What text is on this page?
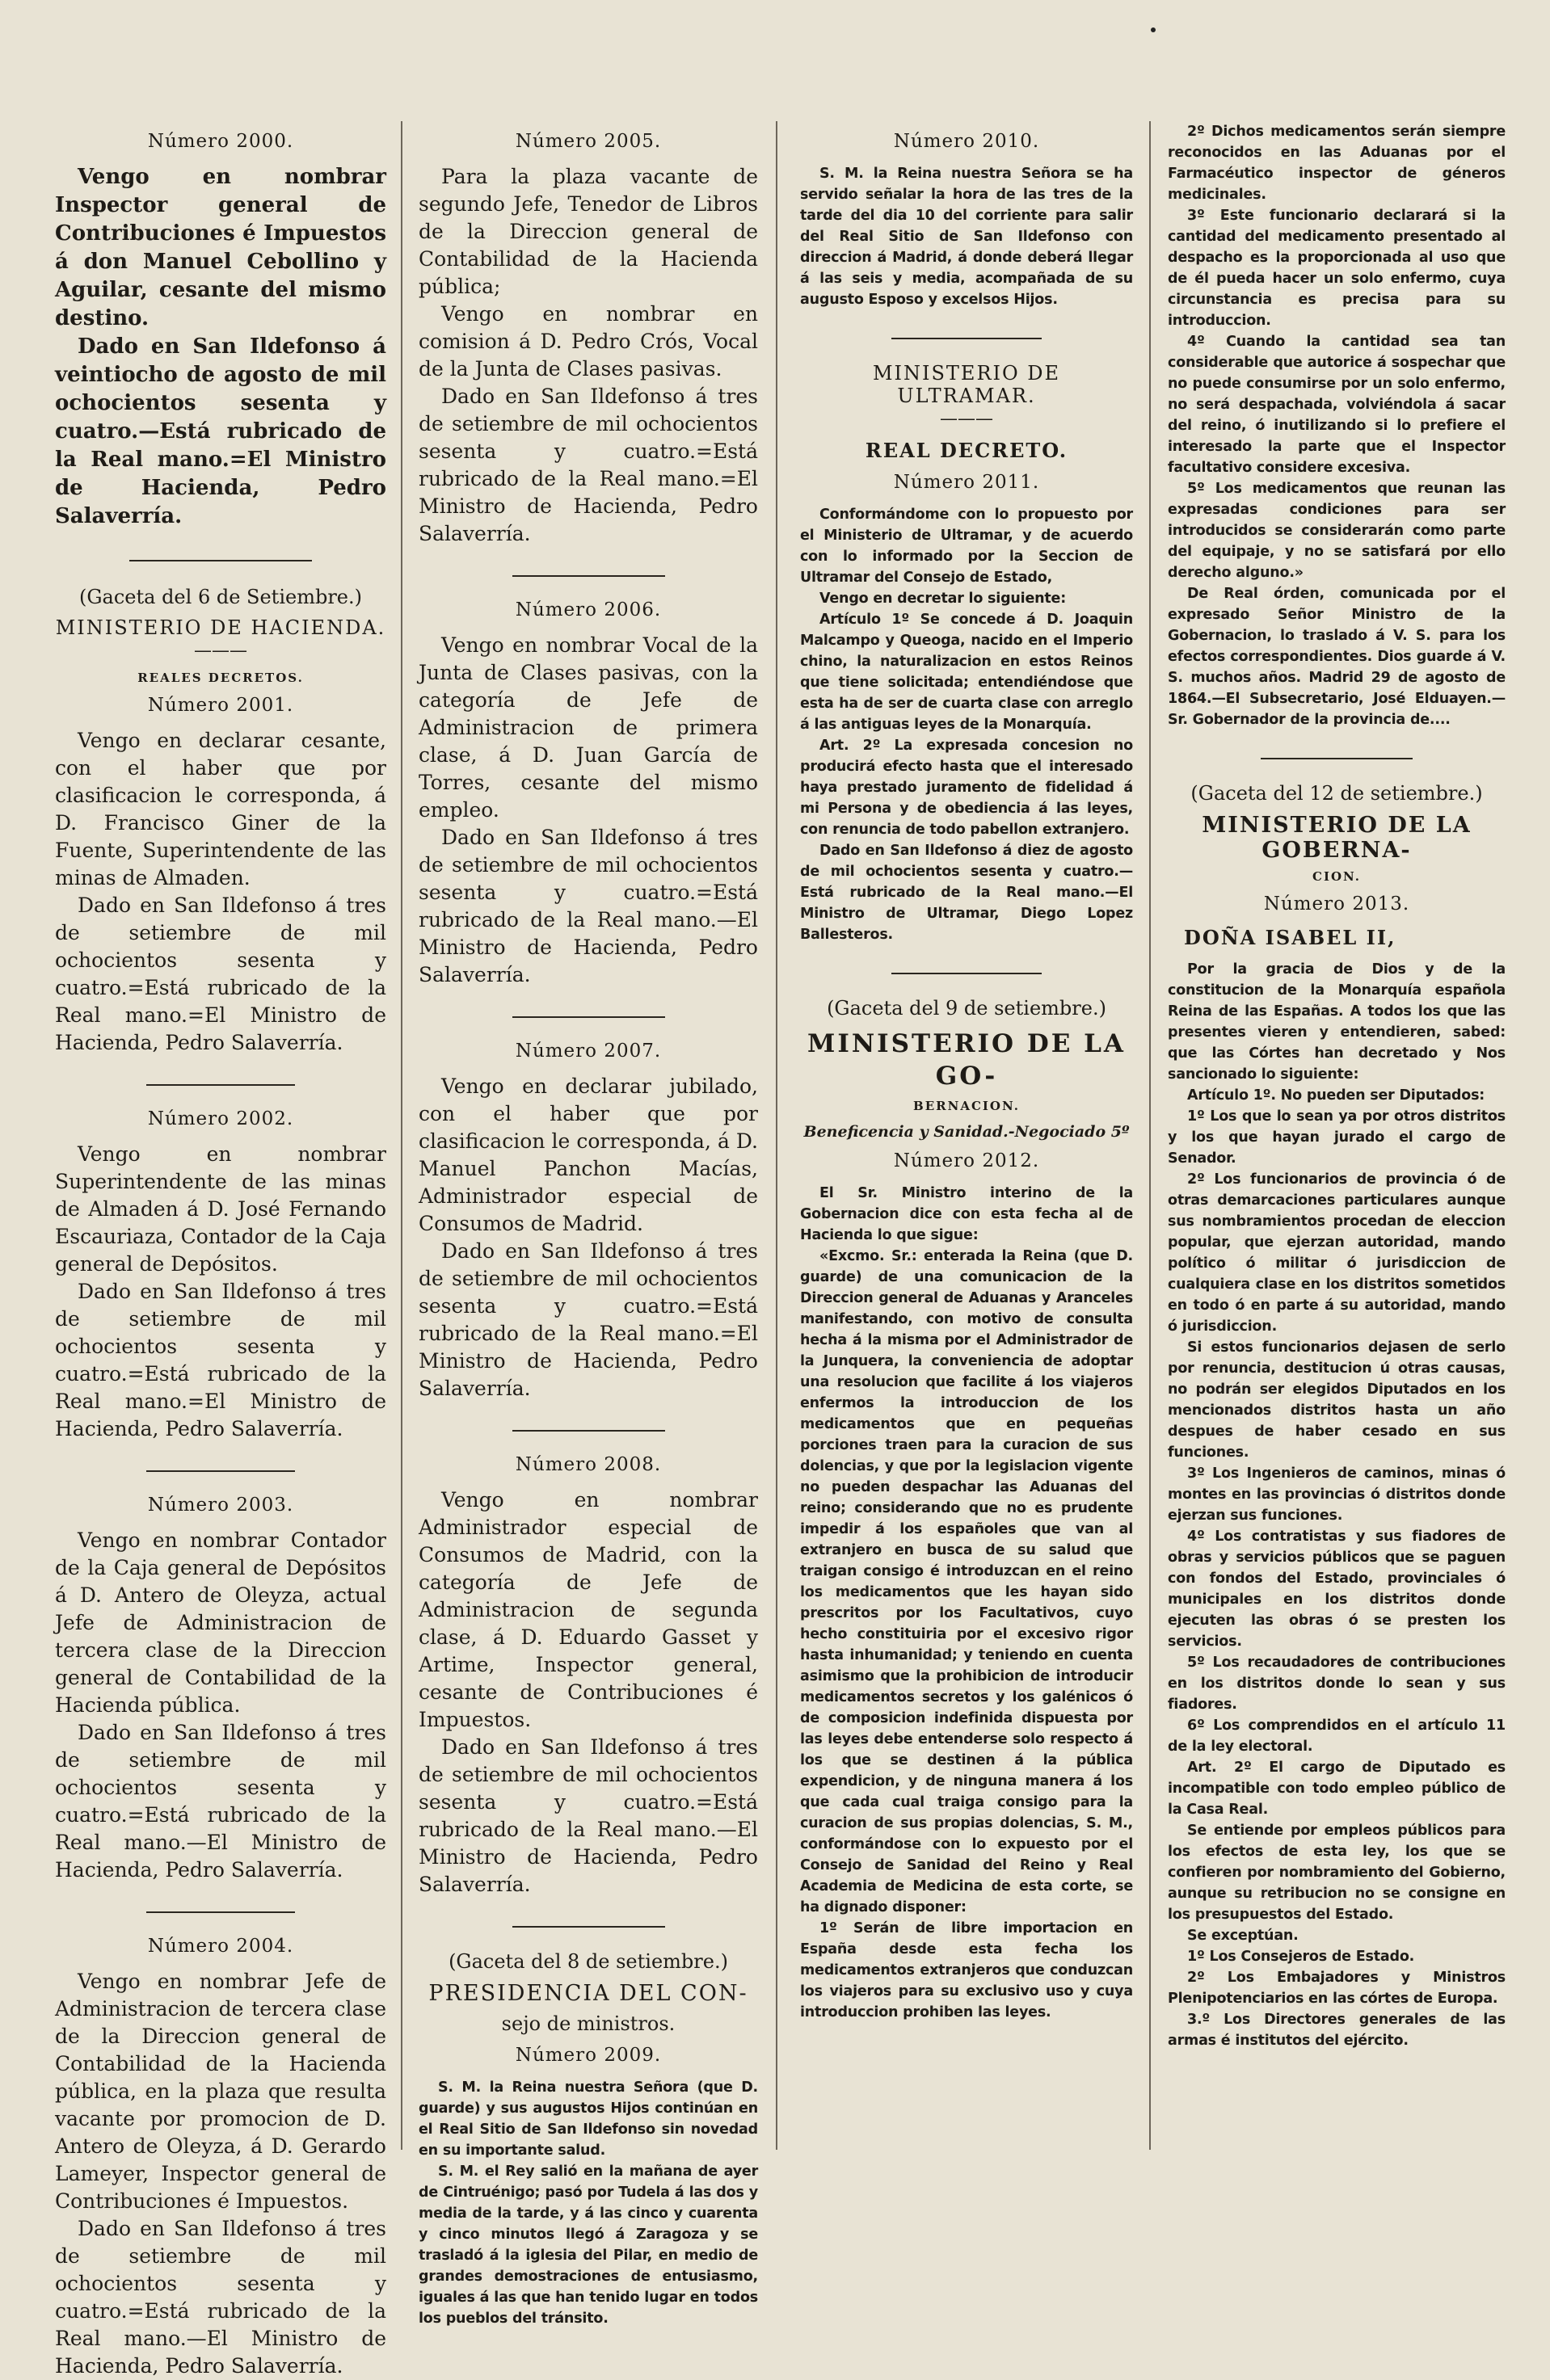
Número 2000.

Vengo en nombrar Inspector general de Contribuciones é Impuestos á don Manuel Cebollino y Aguilar, cesante del mismo destino.

Dado en San Ildefonso á veintiocho de agosto de mil ochocientos sesenta y cuatro.—Está rubricado de la Real mano.=El Ministro de Hacienda, Pedro Salaverría.

(Gaceta del 6 de Setiembre.)
MINISTERIO DE HACIENDA.
———
REALES DECRETOS.
Número 2001.

Vengo en declarar cesante, con el haber que por clasificacion le corresponda, á D. Francisco Giner de la Fuente, Superintendente de las minas de Almaden.

Dado en San Ildefonso á tres de setiembre de mil ochocientos sesenta y cuatro.=Está rubricado de la Real mano.=El Ministro de Hacienda, Pedro Salaverría.

Número 2002.

Vengo en nombrar Superintendente de las minas de Almaden á D. José Fernando Escauriaza, Contador de la Caja general de Depósitos.

Dado en San Ildefonso á tres de setiembre de mil ochocientos sesenta y cuatro.=Está rubricado de la Real mano.=El Ministro de Hacienda, Pedro Salaverría.

Número 2003.

Vengo en nombrar Contador de la Caja general de Depósitos á D. Antero de Oleyza, actual Jefe de Administracion de tercera clase de la Direccion general de Contabilidad de la Hacienda pública.

Dado en San Ildefonso á tres de setiembre de mil ochocientos sesenta y cuatro.=Está rubricado de la Real mano.—El Ministro de Hacienda, Pedro Salaverría.

Número 2004.

Vengo en nombrar Jefe de Administracion de tercera clase de la Direccion general de Contabilidad de la Hacienda pública, en la plaza que resulta vacante por promocion de D. Antero de Oleyza, á D. Gerardo Lameyer, Inspector general de Contribuciones é Impuestos.

Dado en San Ildefonso á tres de setiembre de mil ochocientos sesenta y cuatro.=Está rubricado de la Real mano.—El Ministro de Hacienda, Pedro Salaverría.

Número 2005.

Para la plaza vacante de segundo Jefe, Tenedor de Libros de la Direccion general de Contabilidad de la Hacienda pública;

Vengo en nombrar en comision á D. Pedro Crós, Vocal de la Junta de Clases pasivas.

Dado en San Ildefonso á tres de setiembre de mil ochocientos sesenta y cuatro.=Está rubricado de la Real mano.=El Ministro de Hacienda, Pedro Salaverría.

Número 2006.

Vengo en nombrar Vocal de la Junta de Clases pasivas, con la categoría de Jefe de Administracion de primera clase, á D. Juan García de Torres, cesante del mismo empleo.

Dado en San Ildefonso á tres de setiembre de mil ochocientos sesenta y cuatro.=Está rubricado de la Real mano.—El Ministro de Hacienda, Pedro Salaverría.

Número 2007.

Vengo en declarar jubilado, con el haber que por clasificacion le corresponda, á D. Manuel Panchon Macías, Administrador especial de Consumos de Madrid.

Dado en San Ildefonso á tres de setiembre de mil ochocientos sesenta y cuatro.=Está rubricado de la Real mano.=El Ministro de Hacienda, Pedro Salaverría.

Número 2008.

Vengo en nombrar Administrador especial de Consumos de Madrid, con la categoría de Jefe de Administracion de segunda clase, á D. Eduardo Gasset y Artime, Inspector general, cesante de Contribuciones é Impuestos.

Dado en San Ildefonso á tres de setiembre de mil ochocientos sesenta y cuatro.=Está rubricado de la Real mano.—El Ministro de Hacienda, Pedro Salaverría.

(Gaceta del 8 de setiembre.)
PRESIDENCIA DEL CON-
sejo de ministros.
Número 2009.

S. M. la Reina nuestra Señora (que D. guarde) y sus augustos Hijos continúan en el Real Sitio de San Ildefonso sin novedad en su importante salud.

S. M. el Rey salió en la mañana de ayer de Cintruénigo; pasó por Tudela á las dos y media de la tarde, y á las cinco y cuarenta y cinco minutos llegó á Zaragoza y se trasladó á la iglesia del Pilar, en medio de grandes demostraciones de entusiasmo, iguales á las que han tenido lugar en todos los pueblos del tránsito.

Número 2010.

S. M. la Reina nuestra Señora se ha servido señalar la hora de las tres de la tarde del dia 10 del corriente para salir del Real Sitio de San Ildefonso con direccion á Madrid, á donde deberá llegar á las seis y media, acompañada de su augusto Esposo y excelsos Hijos.

MINISTERIO DE ULTRAMAR.
———
REAL DECRETO.
Número 2011.

Conformándome con lo propuesto por el Ministerio de Ultramar, y de acuerdo con lo informado por la Seccion de Ultramar del Consejo de Estado,

Vengo en decretar lo siguiente:

Artículo 1º Se concede á D. Joaquin Malcampo y Queoga, nacido en el Imperio chino, la naturalizacion en estos Reinos que tiene solicitada; entendiéndose que esta ha de ser de cuarta clase con arreglo á las antiguas leyes de la Monarquía.

Art. 2º La expresada concesion no producirá efecto hasta que el interesado haya prestado juramento de fidelidad á mi Persona y de obediencia á las leyes, con renuncia de todo pabellon extranjero.

Dado en San Ildefonso á diez de agosto de mil ochocientos sesenta y cuatro.—Está rubricado de la Real mano.—El Ministro de Ultramar, Diego Lopez Ballesteros.

(Gaceta del 9 de setiembre.)
MINISTERIO DE LA GO-
BERNACION.
Beneficencia y Sanidad.-Negociado 5º
Número 2012.

El Sr. Ministro interino de la Gobernacion dice con esta fecha al de Hacienda lo que sigue:

«Excmo. Sr.: enterada la Reina (que D. guarde) de una comunicacion de la Direccion general de Aduanas y Aranceles manifestando, con motivo de consulta hecha á la misma por el Administrador de la Junquera, la conveniencia de adoptar una resolucion que facilite á los viajeros enfermos la introduccion de los medicamentos que en pequeñas porciones traen para la curacion de sus dolencias, y que por la legislacion vigente no pueden despachar las Aduanas del reino; considerando que no es prudente impedir á los españoles que van al extranjero en busca de su salud que traigan consigo é introduzcan en el reino los medicamentos que les hayan sido prescritos por los Facultativos, cuyo hecho constituiria por el excesivo rigor hasta inhumanidad; y teniendo en cuenta asimismo que la prohibicion de introducir medicamentos secretos y los galénicos ó de composicion indefinida dispuesta por las leyes debe entenderse solo respecto á los que se destinen á la pública expendicion, y de ninguna manera á los que cada cual traiga consigo para la curacion de sus propias dolencias, S. M., conformándose con lo expuesto por el Consejo de Sanidad del Reino y Real Academia de Medicina de esta corte, se ha dignado disponer:

1º Serán de libre importacion en España desde esta fecha los medicamentos extranjeros que conduzcan los viajeros para su exclusivo uso y cuya introduccion prohiben las leyes.

2º Dichos medicamentos serán siempre reconocidos en las Aduanas por el Farmacéutico inspector de géneros medicinales.

3º Este funcionario declarará si la cantidad del medicamento presentado al despacho es la proporcionada al uso que de él pueda hacer un solo enfermo, cuya circunstancia es precisa para su introduccion.

4º Cuando la cantidad sea tan considerable que autorice á sospechar que no puede consumirse por un solo enfermo, no será despachada, volviéndola á sacar del reino, ó inutilizando si lo prefiere el interesado la parte que el Inspector facultativo considere excesiva.

5º Los medicamentos que reunan las expresadas condiciones para ser introducidos se considerarán como parte del equipaje, y no se satisfará por ello derecho alguno.»

De Real órden, comunicada por el expresado Señor Ministro de la Gobernacion, lo traslado á V. S. para los efectos correspondientes. Dios guarde á V. S. muchos años. Madrid 29 de agosto de 1864.—El Subsecretario, José Elduayen.—Sr. Gobernador de la provincia de....

(Gaceta del 12 de setiembre.)
MINISTERIO DE LA GOBERNA-
CION.
Número 2013.
DOÑA ISABEL II,

Por la gracia de Dios y de la constitucion de la Monarquía española Reina de las Españas. A todos los que las presentes vieren y entendieren, sabed: que las Córtes han decretado y Nos sancionado lo siguiente:

Artículo 1º. No pueden ser Diputados:

1º Los que lo sean ya por otros distritos y los que hayan jurado el cargo de Senador.

2º Los funcionarios de provincia ó de otras demarcaciones particulares aunque sus nombramientos procedan de eleccion popular, que ejerzan autoridad, mando político ó militar ó jurisdiccion de cualquiera clase en los distritos sometidos en todo ó en parte á su autoridad, mando ó jurisdiccion.

Si estos funcionarios dejasen de serlo por renuncia, destitucion ú otras causas, no podrán ser elegidos Diputados en los mencionados distritos hasta un año despues de haber cesado en sus funciones.

3º Los Ingenieros de caminos, minas ó montes en las provincias ó distritos donde ejerzan sus funciones.

4º Los contratistas y sus fiadores de obras y servicios públicos que se paguen con fondos del Estado, provinciales ó municipales en los distritos donde ejecuten las obras ó se presten los servicios.

5º Los recaudadores de contribuciones en los distritos donde lo sean y sus fiadores.

6º Los comprendidos en el artículo 11 de la ley electoral.

Art. 2º El cargo de Diputado es incompatible con todo empleo público de la Casa Real.

Se entiende por empleos públicos para los efectos de esta ley, los que se confieren por nombramiento del Gobierno, aunque su retribucion no se consigne en los presupuestos del Estado.

Se exceptúan.

1º Los Consejeros de Estado.

2º Los Embajadores y Ministros Plenipotenciarios en las córtes de Europa.

3.º Los Directores generales de las armas é institutos del ejército.
